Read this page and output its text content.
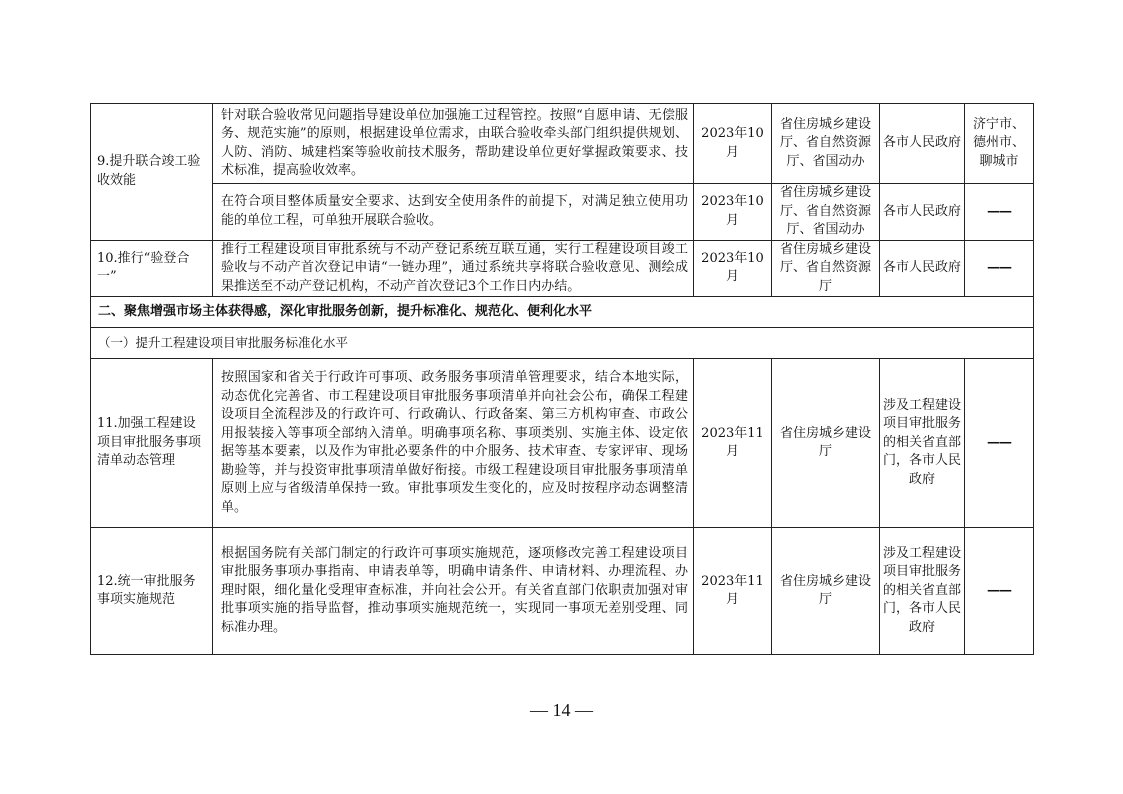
9.提升联合竣工验收效能	针对联合验收常见问题指导建设单位加强施工过程管控。按照“自愿申请、无偿服务、规范实施”的原则，根据建设单位需求，由联合验收牵头部门组织提供规划、人防、消防、城建档案等验收前技术服务，帮助建设单位更好掌握政策要求、技术标准，提高验收效率。	2023年10月	省住房城乡建设厅、省自然资源厅、省国动办	各市人民政府	济宁市、德州市、聊城市
	在符合项目整体质量安全要求、达到安全使用条件的前提下，对满足独立使用功能的单位工程，可单独开展联合验收。	2023年10月	省住房城乡建设厅、省自然资源厅、省国动办	各市人民政府	——
10.推行“验登合一”	推行工程建设项目审批系统与不动产登记系统互联互通，实行工程建设项目竣工验收与不动产首次登记申请“一链办理”，通过系统共享将联合验收意见、测绘成果推送至不动产登记机构，不动产首次登记3个工作日内办结。	2023年10月	省住房城乡建设厅、省自然资源厅	各市人民政府	——
二、聚焦增强市场主体获得感，深化审批服务创新，提升标准化、规范化、便利化水平					
（一）提升工程建设项目审批服务标准化水平					
11.加强工程建设项目审批服务事项清单动态管理	按照国家和省关于行政许可事项、政务服务事项清单管理要求，结合本地实际，动态优化完善省、市工程建设项目审批服务事项清单并向社会公布，确保工程建设项目全流程涉及的行政许可、行政确认、行政备案、第三方机构审查、市政公用报装接入等事项全部纳入清单。明确事项名称、事项类别、实施主体、设定依据等基本要素，以及作为审批必要条件的中介服务、技术审查、专家评审、现场勘验等，并与投资审批事项清单做好衔接。市级工程建设项目审批服务事项清单原则上应与省级清单保持一致。审批事项发生变化的，应及时按程序动态调整清单。	2023年11月	省住房城乡建设厅	涉及工程建设项目审批服务的相关省直部门，各市人民政府	——
12.统一审批服务事项实施规范	根据国务院有关部门制定的行政许可事项实施规范，逐项修改完善工程建设项目审批服务事项办事指南、申请表单等，明确申请条件、申请材料、办理流程、办理时限，细化量化受理审查标准，并向社会公开。有关省直部门依职责加强对审批事项实施的指导监督，推动事项实施规范统一，实现同一事项无差别受理、同标准办理。	2023年11月	省住房城乡建设厅	涉及工程建设项目审批服务的相关省直部门，各市人民政府	——
— 14 —
